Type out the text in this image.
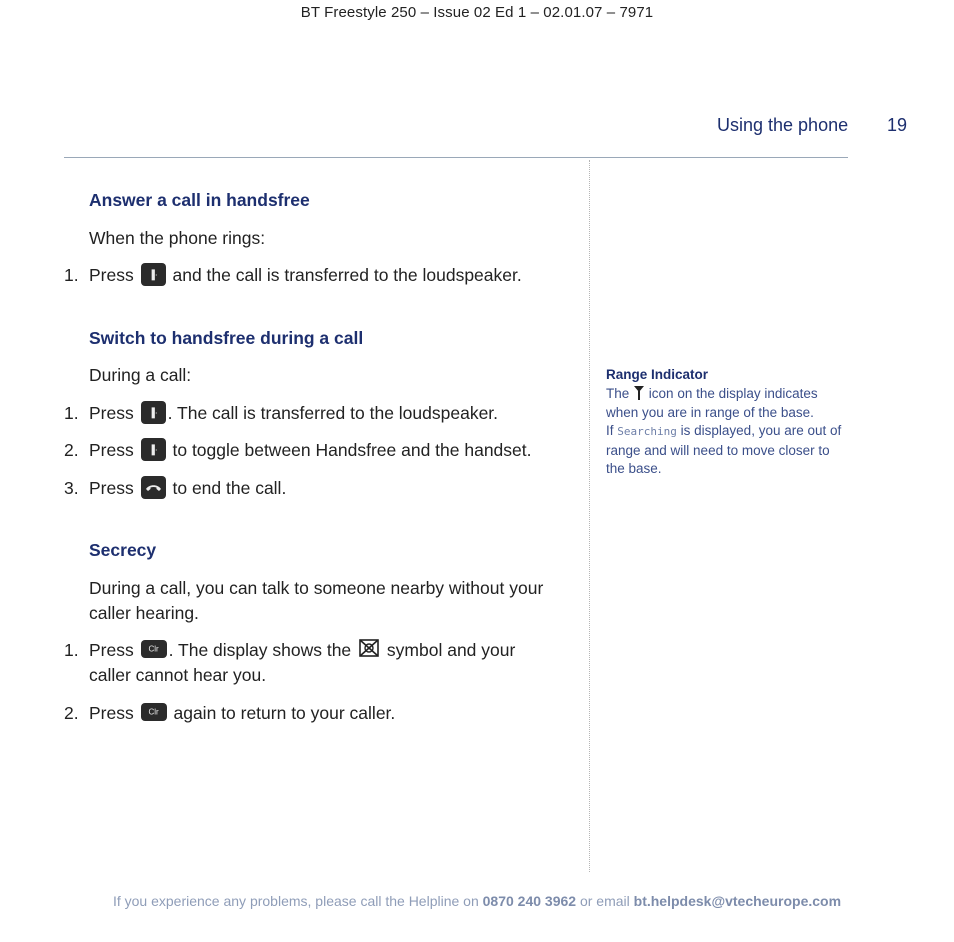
BT Freestyle 250 – Issue 02 Ed 1 – 02.01.07 – 7971
Using the phone 19
Answer a call in handsfree
When the phone rings:
1. Press	▐· and the call is transferred to the loudspeaker.
Switch to handsfree during a call
During a call:
1. Press	▐· . The call is transferred to the loudspeaker.
2. Press	▐· to toggle between Handsfree and the handset.
3. Press to end the call.
Secrecy
During a call, you can talk to someone nearby without your caller hearing.
1. Press	Clr . The display shows the symbol and your caller cannot hear you.
2. Press	Clr again to return to your caller.
Range Indicator
The icon on the display indicates when you are in range of the base.
If Searching is displayed, you are out of range and will need to move closer to the base.
If you experience any problems, please call the Helpline on 0870 240 3962 or email bt.helpdesk@vtecheurope.com
